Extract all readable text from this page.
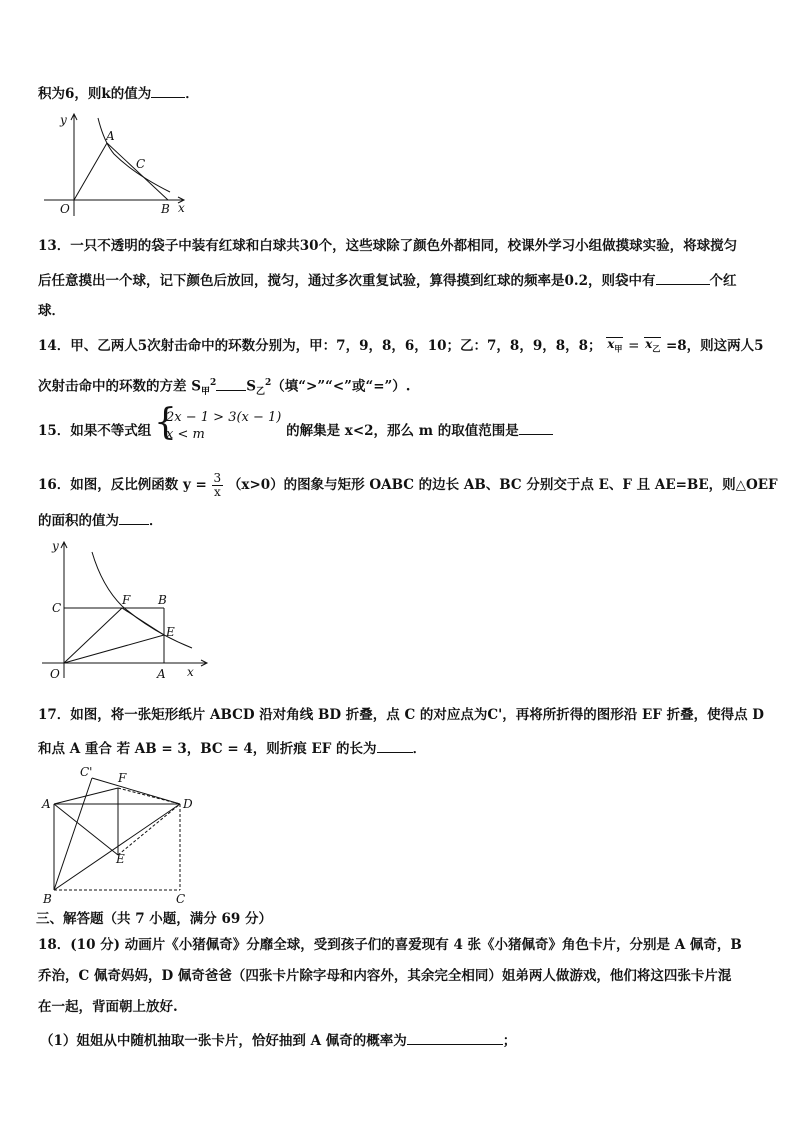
积为6，则k的值为	．
y
x
O
A
B
C
13．一只不透明的袋子中装有红球和白球共30个，这些球除了颜色外都相同，校课外学习小组做摸球实验，将球搅匀
后任意摸出一个球，记下颜色后放回，搅匀，通过多次重复试验，算得摸到红球的频率是0.2，则袋中有	个红
球．
14．甲、乙两人5次射击命中的环数分别为，甲：7，9，8，6，10；乙：7，8，9，8，8； $x_甲 = x_乙 =8$，则这两人5
次射击命中的环数的方差 $S_甲^2$ $S_乙^2$（填“>”“<”或“=”）.
15．如果不等式组
{ 2x − 1 > 3(x − 1)
x < m	的解集是 x<2，那么 m 的取值范围是
16．如图，反比例函数 $y = \frac{3}{x} (x>0)$的图象与矩形 OABC 的边长 AB、BC 分别交于点 E、F 且 AE=BE，则△OEF
的面积的值为 ．
y
x
O
C
F B
E
A
17．如图，将一张矩形纸片 ABCD 沿对角线 BD 折叠，点 C 的对应点为C'，再将所折得的图形沿 EF 折叠，使得点 D
和点 A 重合 若 AB = 3，BC = 4，则折痕 EF 的长为	．
A
B	C
D
E
F
C'
三、解答题（共 7 小题，满分 69 分）
18．(10 分) 动画片《小猪佩奇》分靡全球，受到孩子们的喜爱现有 4 张《小猪佩奇》角色卡片，分别是 A 佩奇，B
乔治，C 佩奇妈妈，D 佩奇爸爸（四张卡片除字母和内容外，其余完全相同）姐弟两人做游戏，他们将这四张卡片混
在一起，背面朝上放好.
（1）姐姐从中随机抽取一张卡片，恰好抽到 A 佩奇的概率为	；
